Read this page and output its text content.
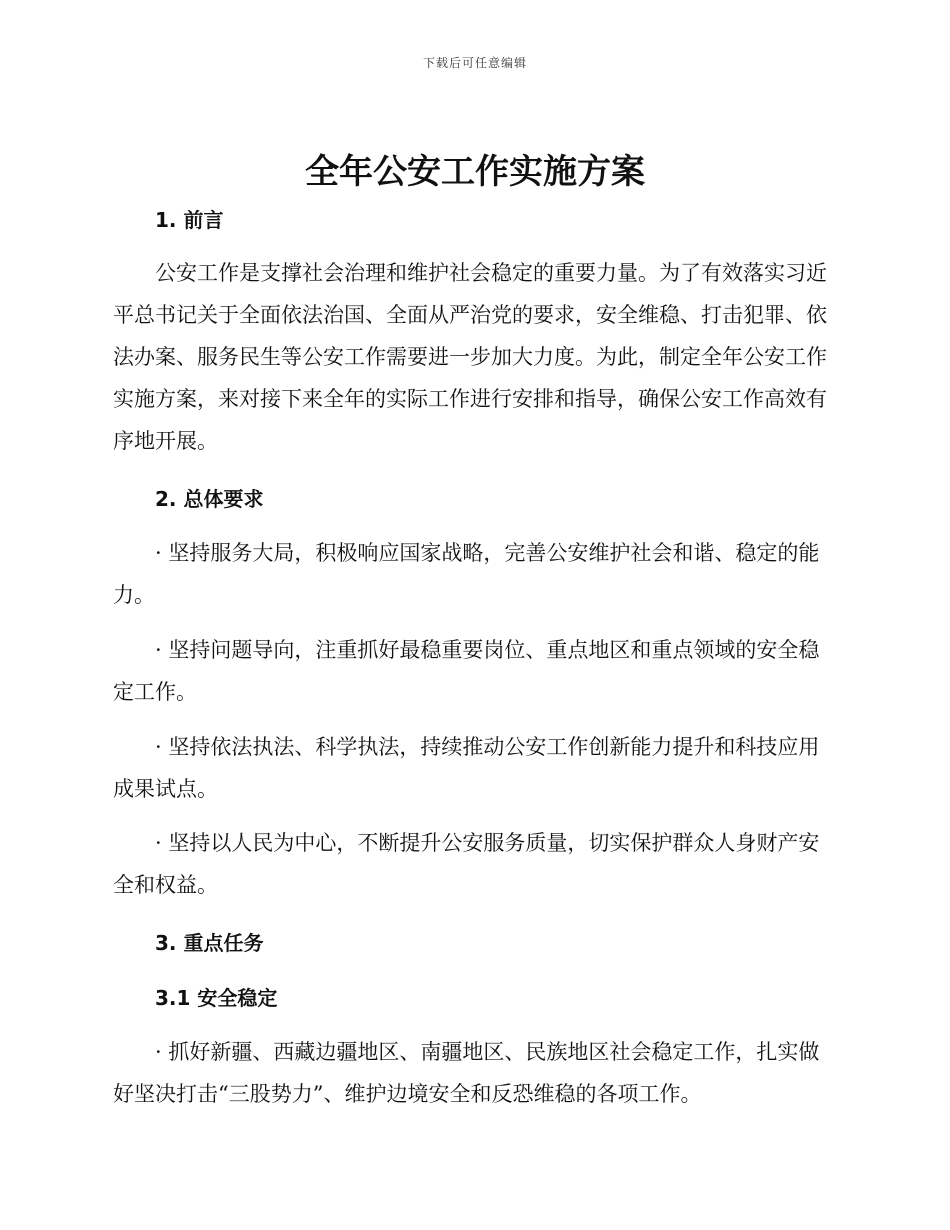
下载后可任意编辑
全年公安工作实施方案
1. 前言

公安工作是支撑社会治理和维护社会稳定的重要力量。为了有效落实习近平总书记关于全面依法治国、全面从严治党的要求，安全维稳、打击犯罪、依法办案、服务民生等公安工作需要进一步加大力度。为此，制定全年公安工作实施方案，来对接下来全年的实际工作进行安排和指导，确保公安工作高效有序地开展。

2. 总体要求

· 坚持服务大局，积极响应国家战略，完善公安维护社会和谐、稳定的能力。

· 坚持问题导向，注重抓好最稳重要岗位、重点地区和重点领域的安全稳定工作。

· 坚持依法执法、科学执法，持续推动公安工作创新能力提升和科技应用成果试点。

· 坚持以人民为中心，不断提升公安服务质量，切实保护群众人身财产安全和权益。

3. 重点任务
3.1 安全稳定

· 抓好新疆、西藏边疆地区、南疆地区、民族地区社会稳定工作，扎实做好坚决打击“三股势力”、维护边境安全和反恐维稳的各项工作。
